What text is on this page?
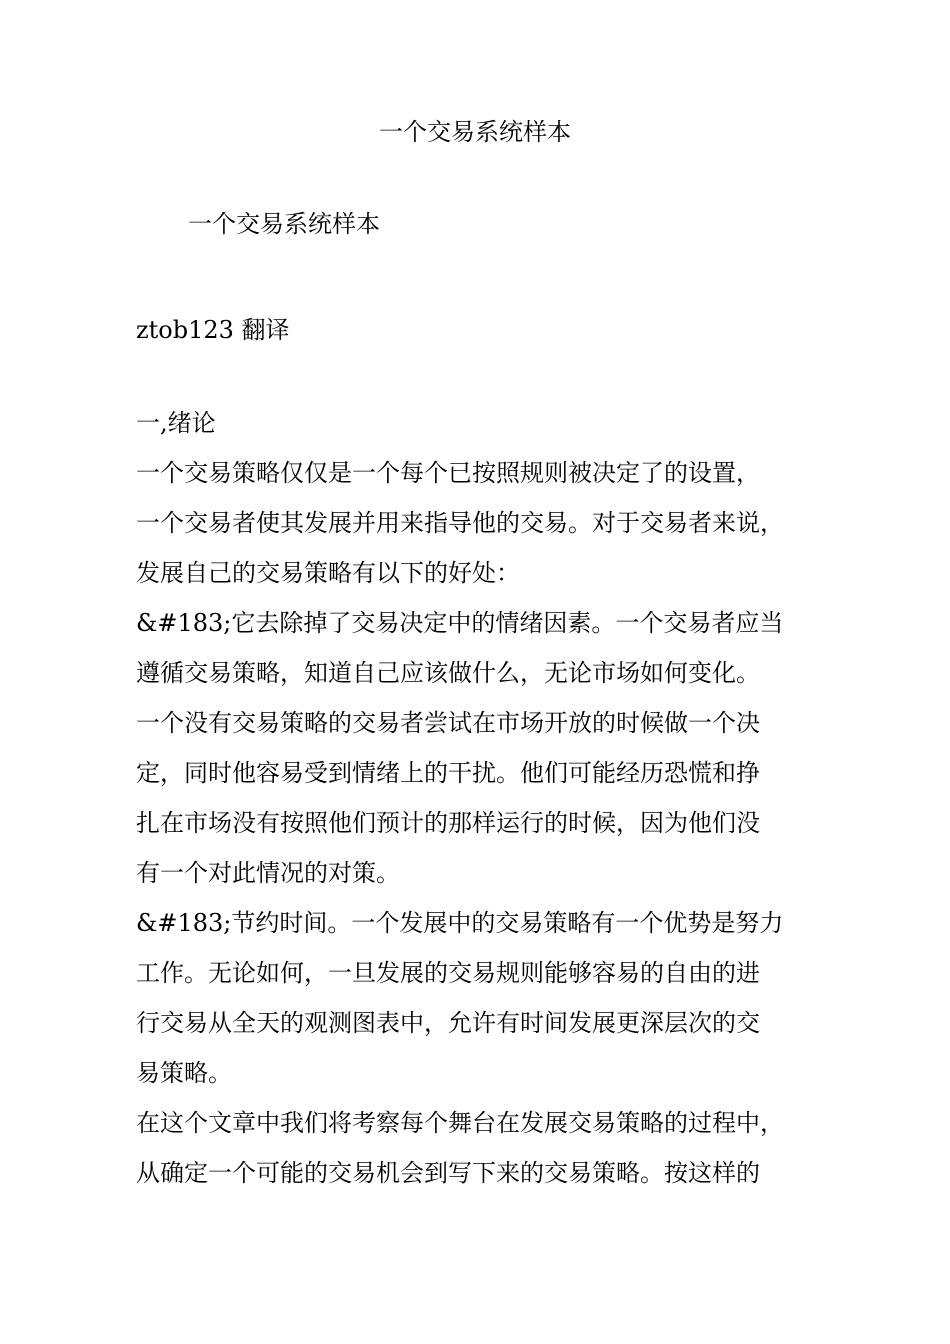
一个交易系统样本
一个交易系统样本
ztob123 翻译
一,绪论
一个交易策略仅仅是一个每个已按照规则被决定了的设置，
一个交易者使其发展并用来指导他的交易。对于交易者来说，
发展自己的交易策略有以下的好处：
&#183;它去除掉了交易决定中的情绪因素。一个交易者应当
遵循交易策略，知道自己应该做什么，无论市场如何变化。
一个没有交易策略的交易者尝试在市场开放的时候做一个决
定，同时他容易受到情绪上的干扰。他们可能经历恐慌和挣
扎在市场没有按照他们预计的那样运行的时候，因为他们没
有一个对此情况的对策。
&#183;节约时间。一个发展中的交易策略有一个优势是努力
工作。无论如何，一旦发展的交易规则能够容易的自由的进
行交易从全天的观测图表中，允许有时间发展更深层次的交
易策略。
在这个文章中我们将考察每个舞台在发展交易策略的过程中，
从确定一个可能的交易机会到写下来的交易策略。按这样的
